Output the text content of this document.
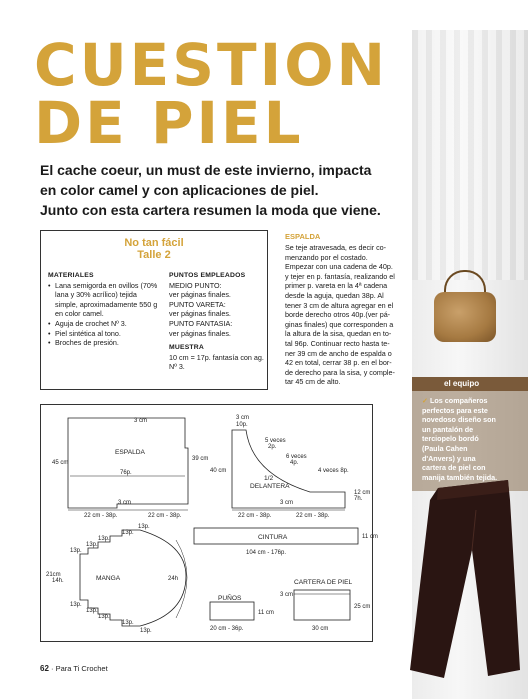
CUESTION
DE PIEL
El cache coeur, un must de este invierno, impacta
en color camel y con aplicaciones de piel.
Junto con esta cartera resumen la moda que viene.
No tan fácil
Talle 2
MATERIALES
• Lana semigorda en ovillos (70% lana y 30% acrílico) tejida simple, aproximadamente 550 g en color camel.
• Aguja de crochet Nº 3.
• Piel sintética al tono.
• Broches de presión.
PUNTOS EMPLEADOS
MEDIO PUNTO:
ver páginas finales.
PUNTO VARETA:
ver páginas finales.
PUNTO FANTASIA:
ver páginas finales.
MUESTRA
10 cm = 17p. fantasía con ag. Nº 3.
ESPALDA
Se teje atravesada, es decir co-
menzando por el costado.
Empezar con una cadena de 40p.
y tejer en p. fantasía, realizando el
primer p. vareta en la 4ª cadena
desde la aguja, quedan 38p. Al
tener 3 cm de altura agregar en el
borde derecho otros 40p.(ver pá-
ginas finales) que corresponden a
la altura de la sisa, quedan en to-
tal 96p. Continuar recto hasta te-
ner 39 cm de ancho de espalda o
42 en total, cerrar 38 p. en el bor-
de derecho para la sisa, y comple-
tar 45 cm de alto.	el equipo
✓ Los compañeros
perfectos para este
novedoso diseño son
un pantalón de
terciopelo bordó
(Paula Cahen
d'Anvers) y una
cartera de piel con
manija también tejida.
ESPALDA
3 cm
45 cm
39 cm
76p.
3 cm
22 cm - 38p.	22 cm - 38p.
3 cm
10p.
40 cm
5 veces
2p.
6 veces
4p.
4 veces 8p.
1/2
DELANTERA
12 cm
7h.
3 cm
22 cm - 38p.	22 cm - 38p.
CINTURA	11 cm
104 cm - 176p.
MANGA
21cm
14h.	24h
13p.
13p.
13p.
13p.
13p.
13p.
13p.
13p.
13p.
13p.
PUÑOS
11 cm
20 cm - 36p.
CARTERA DE PIEL
3 cm
25 cm
30 cm
62 · Para Ti Crochet
